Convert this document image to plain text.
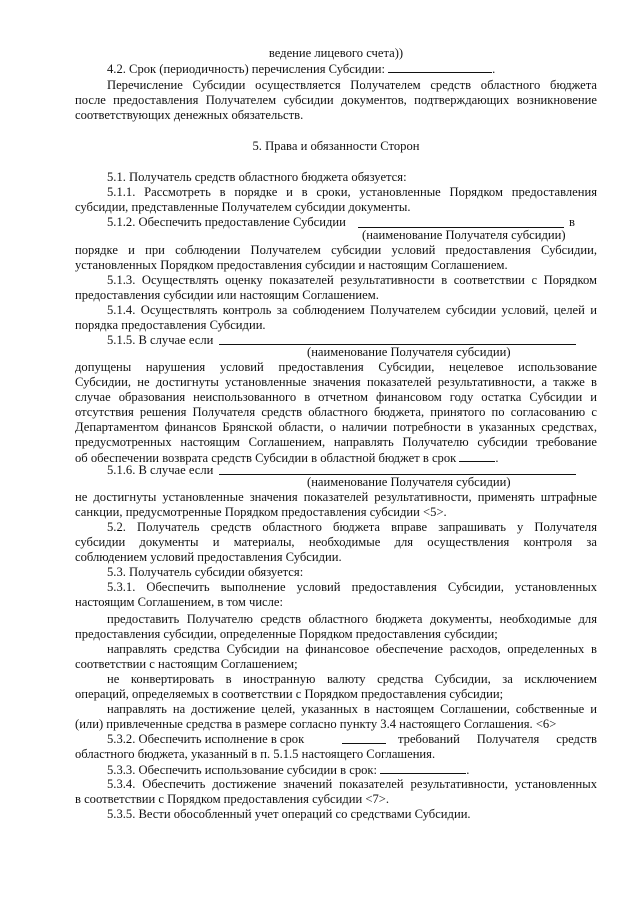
ведение лицевого счета))
4.2. Срок (периодичность) перечисления Субсидии:	.
Перечисление Субсидии осуществляется Получателем средств областного бюджета
после предоставления Получателем субсидии документов, подтверждающих возникновение
соответствующих денежных обязательств.
5. Права и обязанности Сторон
5.1. Получатель средств областного бюджета обязуется:
5.1.1. Рассмотреть в порядке и в сроки, установленные Порядком предоставления
субсидии, представленные Получателем субсидии документы.
5.1.2. Обеспечить предоставление Субсидии	в
(наименование Получателя субсидии)
порядке и при соблюдении Получателем субсидии условий предоставления Субсидии,
установленных Порядком предоставления субсидии и настоящим Соглашением.
5.1.3. Осуществлять оценку показателей результативности в соответствии с Порядком
предоставления субсидии или настоящим Соглашением.
5.1.4. Осуществлять контроль за соблюдением Получателем субсидии условий, целей и
порядка предоставления Субсидии.
5.1.5. В случае если
(наименование Получателя субсидии)
допущены нарушения условий предоставления Субсидии, нецелевое использование
Субсидии, не достигнуты установленные значения показателей результативности, а также в
случае образования неиспользованного в отчетном финансовом году остатка Субсидии и
отсутствия решения Получателя средств областного бюджета, принятого по согласованию с
Департаментом финансов Брянской области, о наличии потребности в указанных средствах,
предусмотренных настоящим Соглашением, направлять Получателю субсидии требование
об обеспечении возврата средств Субсидии в областной бюджет в срок	.
5.1.6. В случае если
(наименование Получателя субсидии)
не достигнуты установленные значения показателей результативности, применять штрафные
санкции, предусмотренные Порядком предоставления субсидии <5>.
5.2. Получатель средств областного бюджета вправе запрашивать у Получателя
субсидии документы и материалы, необходимые для осуществления контроля за
соблюдением условий предоставления Субсидии.
5.3. Получатель субсидии обязуется:
5.3.1. Обеспечить выполнение условий предоставления Субсидии, установленных
настоящим Соглашением, в том числе:
предоставить Получателю средств областного бюджета документы, необходимые для
предоставления субсидии, определенные Порядком предоставления субсидии;
направлять средства Субсидии на финансовое обеспечение расходов, определенных в
соответствии с настоящим Соглашением;
не конвертировать в иностранную валюту средства Субсидии, за исключением
операций, определяемых в соответствии с Порядком предоставления субсидии;
направлять на достижение целей, указанных в настоящем Соглашении, собственные и
(или) привлеченные средства в размере согласно пункту 3.4 настоящего Соглашения. <6>
5.3.2. Обеспечить исполнение в срок	требований Получателя средств
областного бюджета, указанный в п. 5.1.5 настоящего Соглашения.
5.3.3. Обеспечить использование субсидии в срок:	.
5.3.4. Обеспечить достижение значений показателей результативности, установленных
в соответствии с Порядком предоставления субсидии <7>.
5.3.5. Вести обособленный учет операций со средствами Субсидии.
